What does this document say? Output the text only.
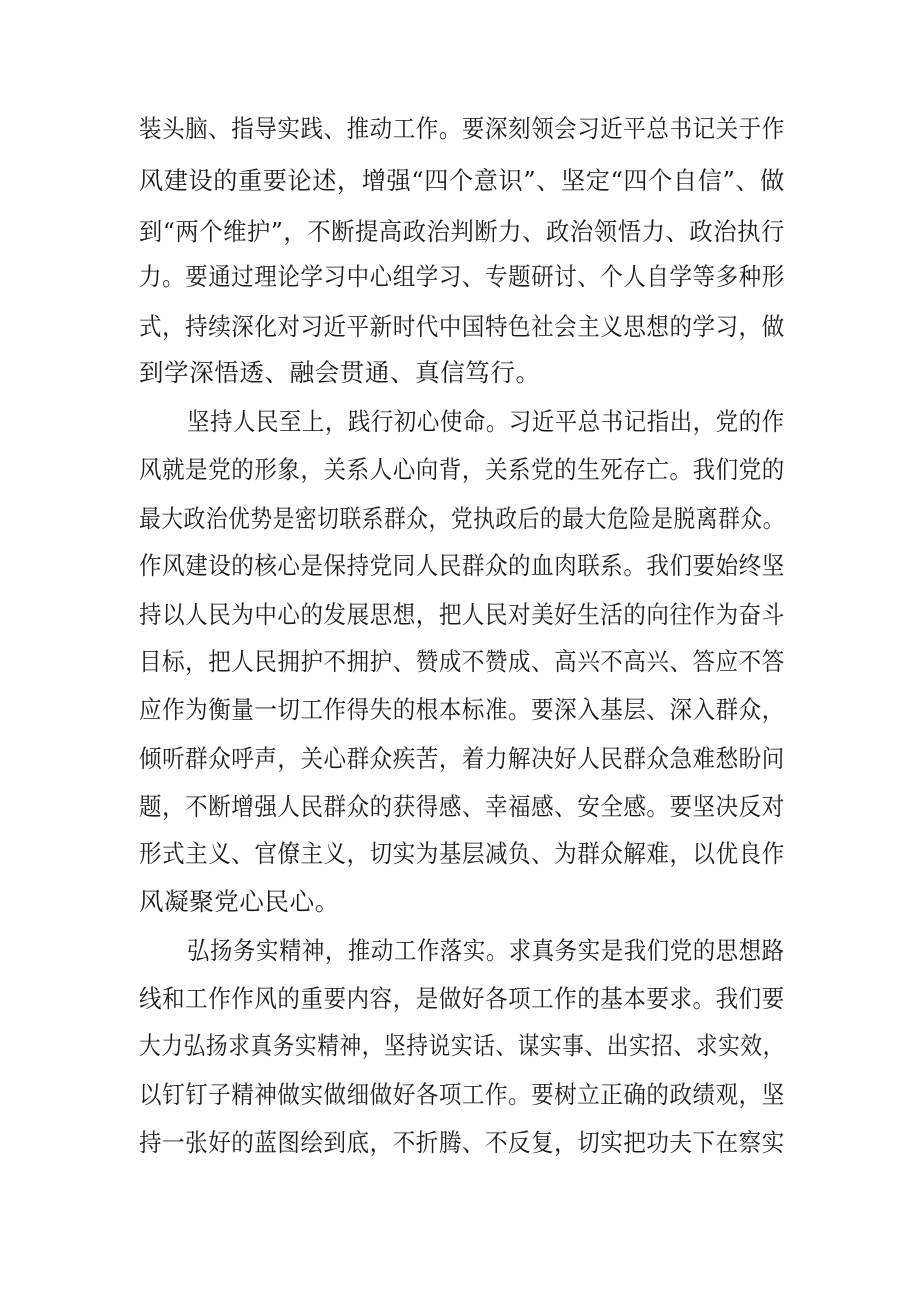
装头脑、指导实践、推动工作。要深刻领会习近平总书记关于作
风建设的重要论述，增强“四个意识”、坚定“四个自信”、做
到“两个维护”，不断提高政治判断力、政治领悟力、政治执行
力。要通过理论学习中心组学习、专题研讨、个人自学等多种形
式，持续深化对习近平新时代中国特色社会主义思想的学习，做
到学深悟透、融会贯通、真信笃行。
坚持人民至上，践行初心使命。习近平总书记指出，党的作
风就是党的形象，关系人心向背，关系党的生死存亡。我们党的
最大政治优势是密切联系群众，党执政后的最大危险是脱离群众。
作风建设的核心是保持党同人民群众的血肉联系。我们要始终坚
持以人民为中心的发展思想，把人民对美好生活的向往作为奋斗
目标，把人民拥护不拥护、赞成不赞成、高兴不高兴、答应不答
应作为衡量一切工作得失的根本标准。要深入基层、深入群众，
倾听群众呼声，关心群众疾苦，着力解决好人民群众急难愁盼问
题，不断增强人民群众的获得感、幸福感、安全感。要坚决反对
形式主义、官僚主义，切实为基层减负、为群众解难，以优良作
风凝聚党心民心。
弘扬务实精神，推动工作落实。求真务实是我们党的思想路
线和工作作风的重要内容，是做好各项工作的基本要求。我们要
大力弘扬求真务实精神，坚持说实话、谋实事、出实招、求实效，
以钉钉子精神做实做细做好各项工作。要树立正确的政绩观，坚
持一张好的蓝图绘到底，不折腾、不反复，切实把功夫下在察实
